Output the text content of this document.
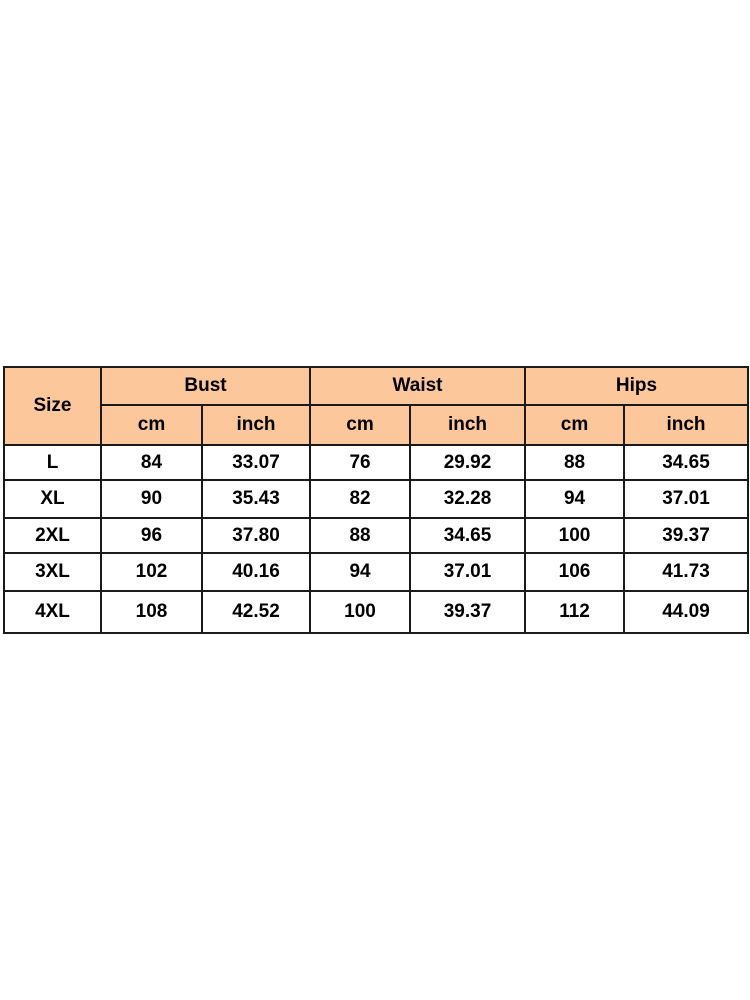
Size	Bust		Waist		Hips	
	cm	inch	cm	inch	cm	inch
L	84	33.07	76	29.92	88	34.65
XL	90	35.43	82	32.28	94	37.01
2XL	96	37.80	88	34.65	100	39.37
3XL	102	40.16	94	37.01	106	41.73
4XL	108	42.52	100	39.37	112	44.09
